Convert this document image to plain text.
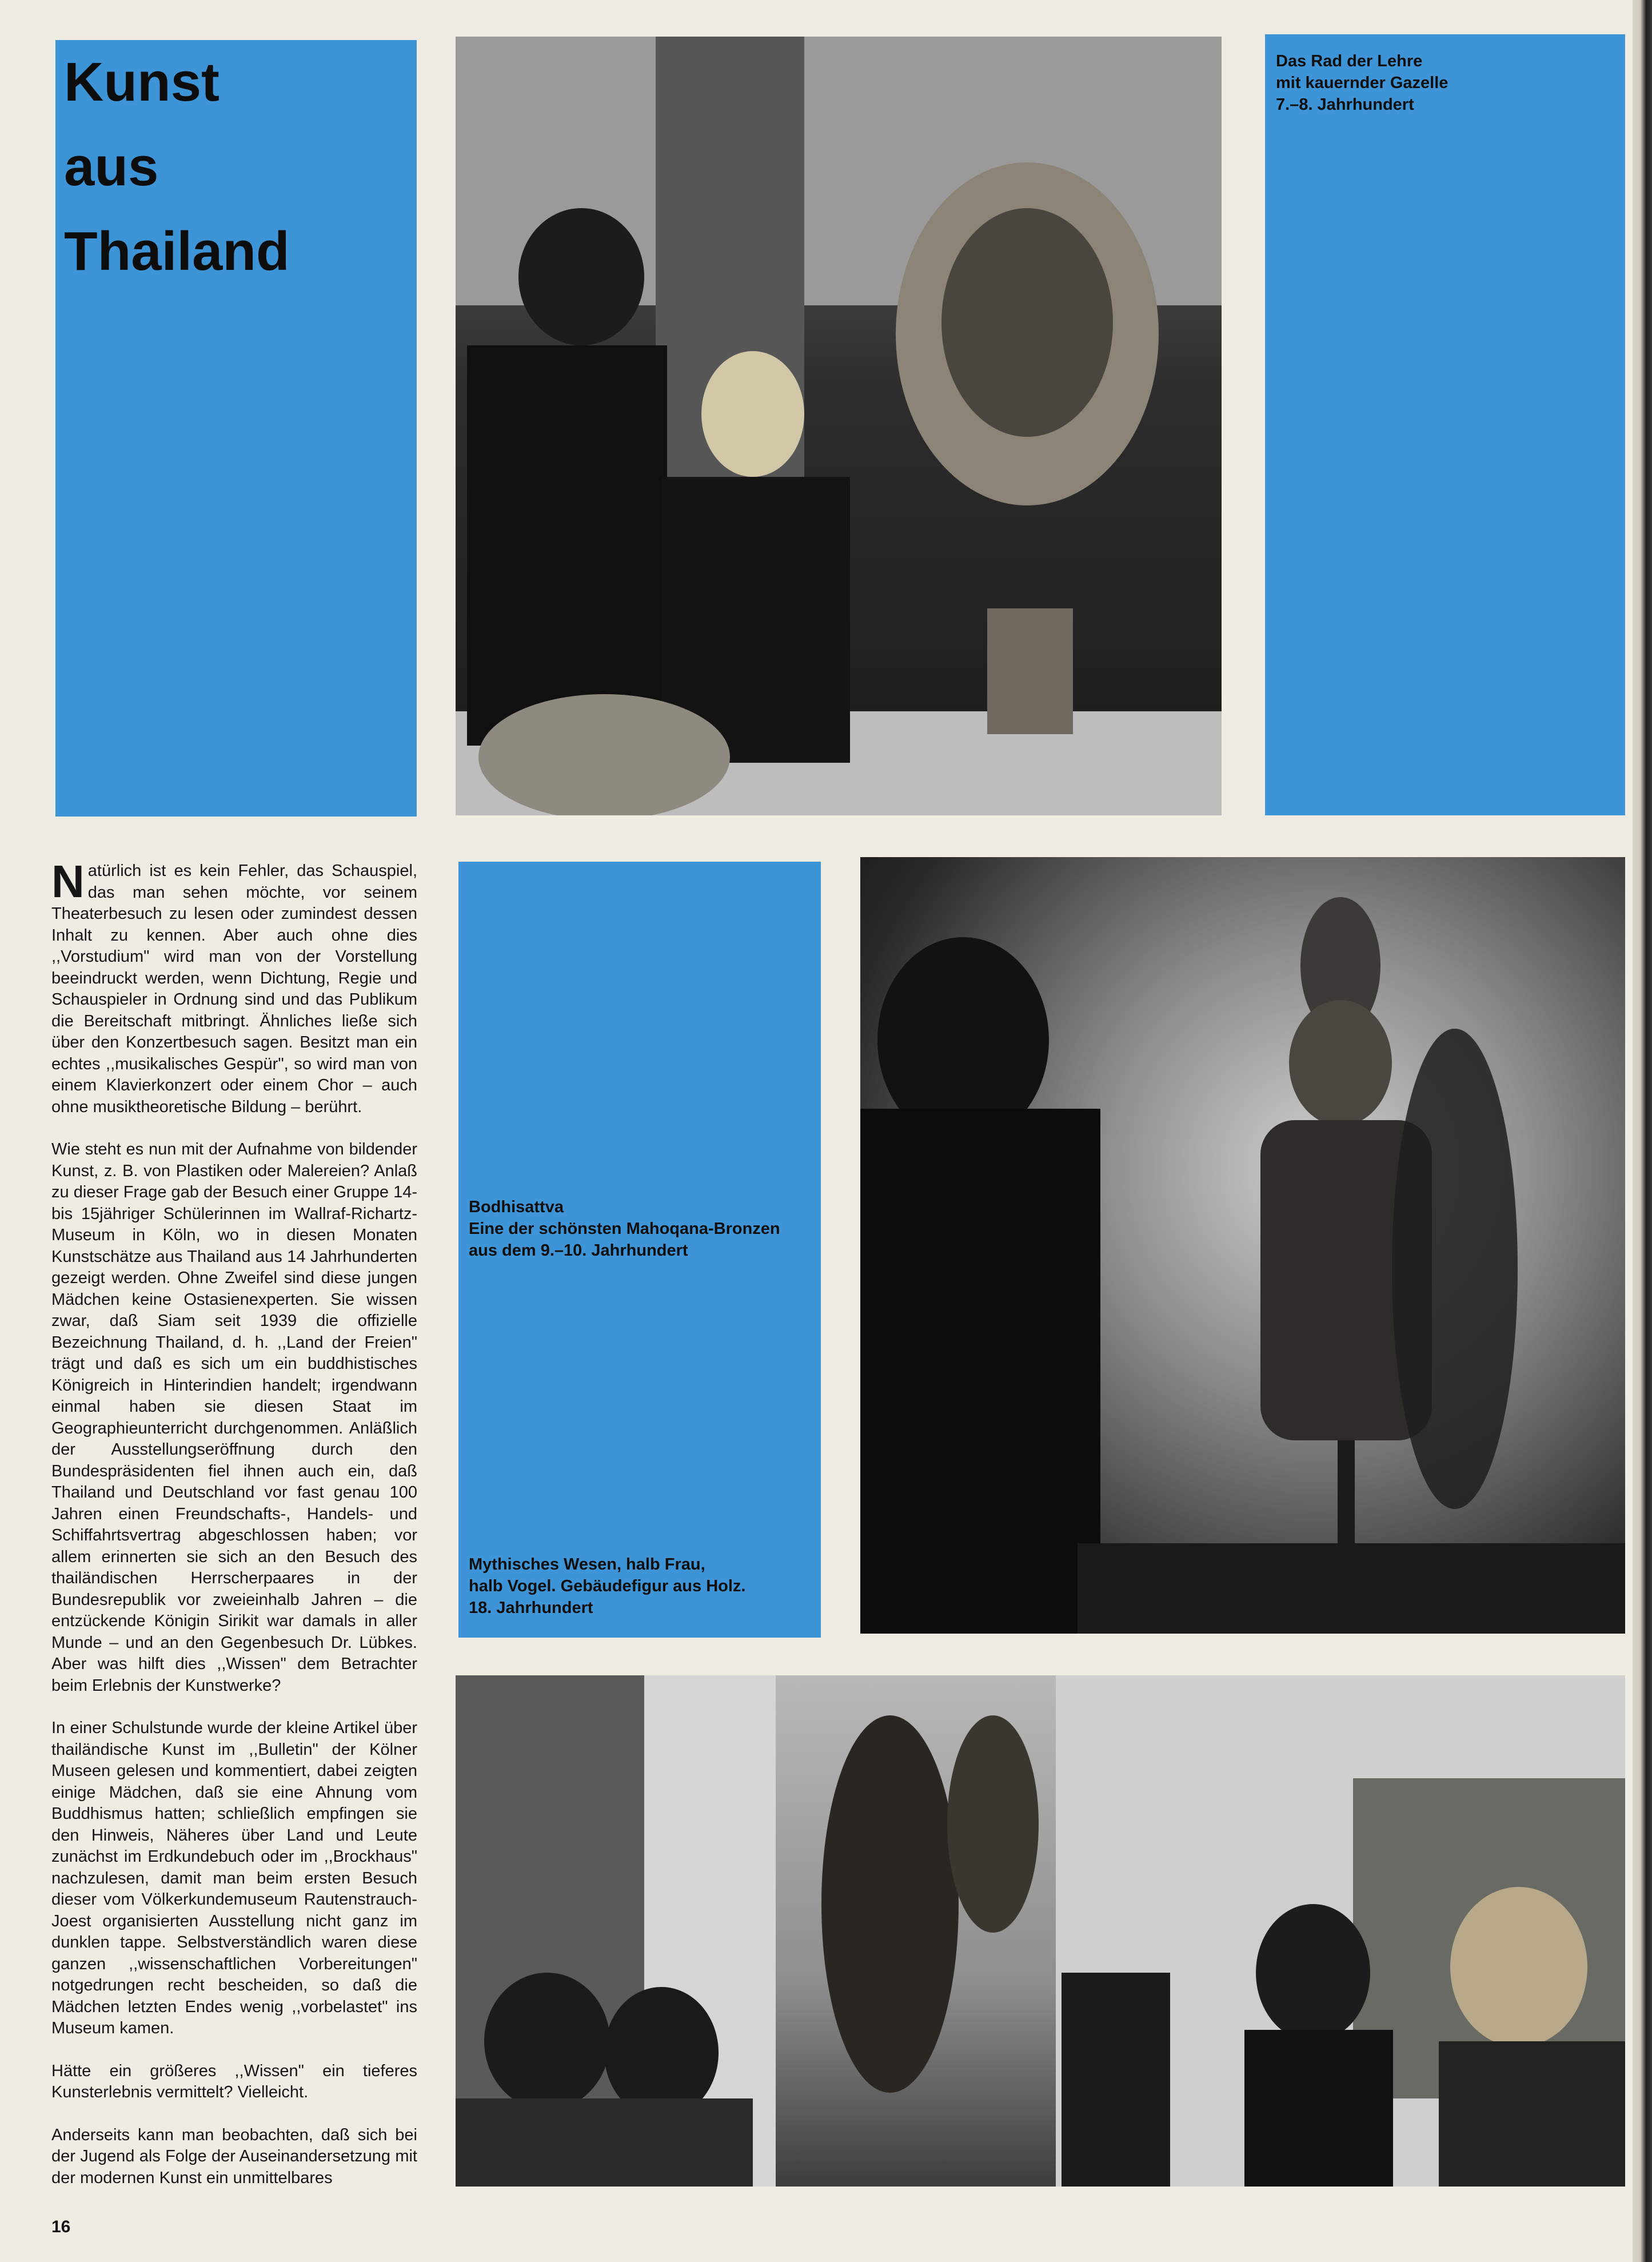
Kunst
aus
Thailand
Das Rad der Lehre
mit kauernder Gazelle
7.–8. Jahrhundert
Bodhisattva
Eine der schönsten Mahoqana-Bronzen
aus dem 9.–10. Jahrhundert
Mythisches Wesen, halb Frau,
halb Vogel. Gebäudefigur aus Holz.
18. Jahrhundert

Natürlich ist es kein Fehler, das Schauspiel, das man sehen möchte, vor seinem Theaterbesuch zu lesen oder zumindest dessen Inhalt zu kennen. Aber auch ohne dies ,,Vorstudium" wird man von der Vorstellung beeindruckt werden, wenn Dichtung, Regie und Schauspieler in Ordnung sind und das Publikum die Bereitschaft mitbringt. Ähnliches ließe sich über den Konzertbesuch sagen. Besitzt man ein echtes ,,musikalisches Gespür", so wird man von einem Klavierkonzert oder einem Chor – auch ohne musiktheoretische Bildung – berührt.

Wie steht es nun mit der Aufnahme von bildender Kunst, z. B. von Plastiken oder Malereien? Anlaß zu dieser Frage gab der Besuch einer Gruppe 14- bis 15jähriger Schülerinnen im Wallraf-Richartz-Museum in Köln, wo in diesen Monaten Kunstschätze aus Thailand aus 14 Jahrhunderten gezeigt werden. Ohne Zweifel sind diese jungen Mädchen keine Ostasienexperten. Sie wissen zwar, daß Siam seit 1939 die offizielle Bezeichnung Thailand, d. h. ,,Land der Freien" trägt und daß es sich um ein buddhistisches Königreich in Hinterindien handelt; irgendwann einmal haben sie diesen Staat im Geographieunterricht durchgenommen. Anläßlich der Ausstellungseröffnung durch den Bundespräsidenten fiel ihnen auch ein, daß Thailand und Deutschland vor fast genau 100 Jahren einen Freundschafts-, Handels- und Schiffahrtsvertrag abgeschlossen haben; vor allem erinnerten sie sich an den Besuch des thailändischen Herrscherpaares in der Bundesrepublik vor zweieinhalb Jahren – die entzückende Königin Sirikit war damals in aller Munde – und an den Gegenbesuch Dr. Lübkes. Aber was hilft dies ,,Wissen" dem Betrachter beim Erlebnis der Kunstwerke?

In einer Schulstunde wurde der kleine Artikel über thailändische Kunst im ,,Bulletin" der Kölner Museen gelesen und kommentiert, dabei zeigten einige Mädchen, daß sie eine Ahnung vom Buddhismus hatten; schließlich empfingen sie den Hinweis, Näheres über Land und Leute zunächst im Erdkundebuch oder im ,,Brockhaus" nachzulesen, damit man beim ersten Besuch dieser vom Völkerkundemuseum Rautenstrauch-Joest organisierten Ausstellung nicht ganz im dunklen tappe. Selbstverständlich waren diese ganzen ,,wissenschaftlichen Vorbereitungen" notgedrungen recht bescheiden, so daß die Mädchen letzten Endes wenig ,,vorbelastet" ins Museum kamen.

Hätte ein größeres ,,Wissen" ein tieferes Kunsterlebnis vermittelt? Vielleicht.

Anderseits kann man beobachten, daß sich bei der Jugend als Folge der Auseinandersetzung mit der modernen Kunst ein unmittelbares

16
